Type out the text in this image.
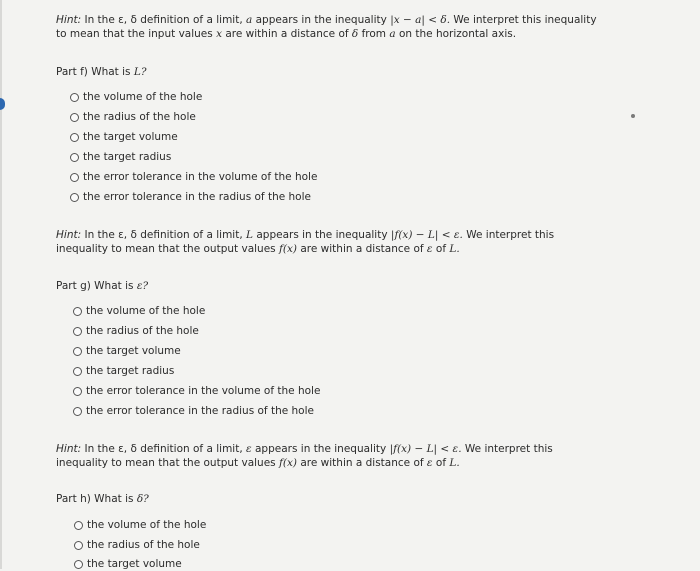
Hint: In the ε, δ definition of a limit, a appears in the inequality |x − a| < δ. We interpret this inequality
to mean that the input values x are within a distance of δ from a on the horizontal axis.
Part f) What is L?
the volume of the hole
the radius of the hole
the target volume
the target radius
the error tolerance in the volume of the hole
the error tolerance in the radius of the hole
Hint: In the ε, δ definition of a limit, L appears in the inequality |f(x) − L| < ε. We interpret this
inequality to mean that the output values f(x) are within a distance of ε of L.
Part g) What is ε?
the volume of the hole
the radius of the hole
the target volume
the target radius
the error tolerance in the volume of the hole
the error tolerance in the radius of the hole
Hint: In the ε, δ definition of a limit, ε appears in the inequality |f(x) − L| < ε. We interpret this
inequality to mean that the output values f(x) are within a distance of ε of L.
Part h) What is δ?
the volume of the hole
the radius of the hole
the target volume
